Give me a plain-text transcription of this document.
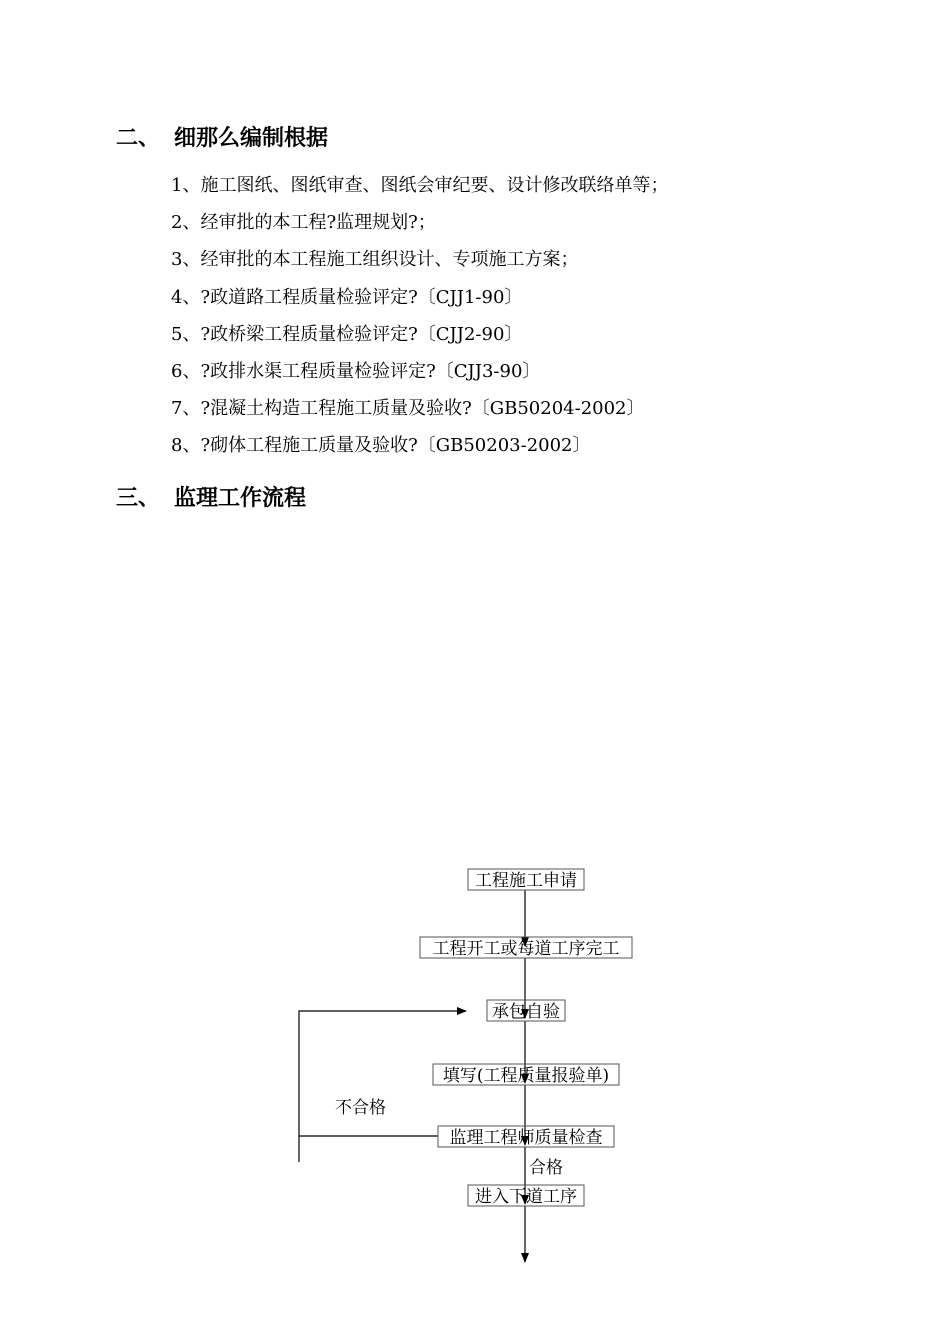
二、 细那么编制根据
1、施工图纸、图纸审查、图纸会审纪要、设计修改联络单等；
2、经审批的本工程?监理规划?；
3、经审批的本工程施工组织设计、专项施工方案；
4、?政道路工程质量检验评定?〔CJJ1-90〕
5、?政桥梁工程质量检验评定?〔CJJ2-90〕
6、?政排水渠工程质量检验评定?〔CJJ3-90〕
7、?混凝土构造工程施工质量及验收?〔GB50204-2002〕
8、?砌体工程施工质量及验收?〔GB50203-2002〕
三、 监理工作流程
工程施工申请
工程开工或每道工序完工
承包自验
填写(工程质量报验单)
监理工程师质量检查
进入下道工序
不合格
合格
